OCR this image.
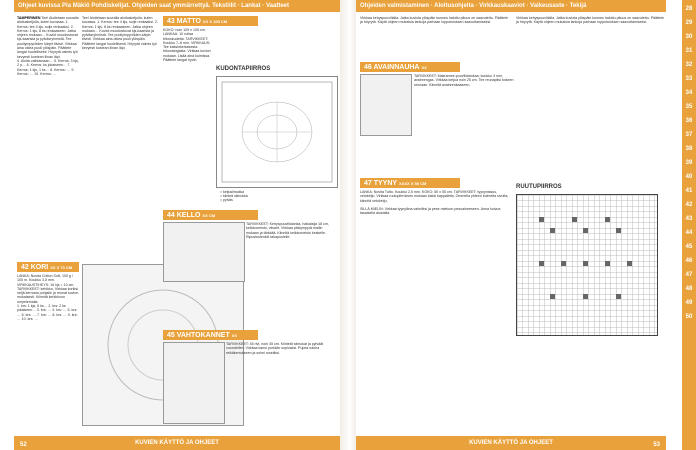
28
29
30
31
32
33
34
35
36
37
38
39
40
41
42
43
44
45
46
47
48
49
50
Ohjeet kuvissa Pia Mäkiö Pohdiskelijat. Ohjeiden saat ymmärrettyä. Tekstiilit · Lankat · Vaatteet
TAMPERINEN Tee! Aloitetaan suoralla aloitusketjulla, kuten kuvassa. 1. Kerros: tee 4 kjs, sulje renkaaksi. 2. Kerros: 1 kjs, 8 ks renkaaseen. Jatka ohjeen mukaan… Kuviot muodostuvat kjs-kaarista ja pylväsryhmistä. Tee puoliympyröiden kärjet tiivisti. Virkkaa aina oikea puoli ylöspäin. Päättele langat huolellisesti. Höyrytä valmis työ kevyesti kostean liinan läpi.
4. Aloita vaihtamaan… 5. Kerros: 3 kjs, 2 p… 6. Kerros: ks jokaiseen… 7. Kerros: 1 kjs, 1 ks… 8. Kerros: … 9. Kerros: … 10. Kerros: …
42 KORI
XX X 70 CM
LANKA: Novita Cotton Soft, 100 g / 105 m. Koukku 3,5 mm. VIRKKAUSTIHEYS: 16 kjs = 10 cm. TARVIKKEET: kehikko. Virkkaa koriksi neljä kerrosta pohjalle ja reunat kuvion mukaisesti. Kiinnitä kehikkoon ompelemalla.
1. krs: 1 kjs, 6 ks… 2. krs: 2 ks jokaiseen… 3. krs: … 4. krs: … 5. krs: … 6. krs: … 7. krs: … 8. krs: … 9. krs: … 10. krs: …
Tee! Aloitetaan suoralla aloitusketjulla, kuten kuvassa. 1. Kerros: tee 4 kjs, sulje renkaaksi. 2. Kerros: 1 kjs, 8 ks renkaaseen. Jatka ohjeen mukaan… Kuviot muodostuvat kjs-kaarista ja pylväsryhmistä. Tee puoliympyröiden kärjet tiivisti. Virkkaa aina oikea puoli ylöspäin. Päättele langat huolellisesti. Höyrytä valmis työ kevyesti kostean liinan läpi.
43 MATTO
XX X 105 CM
KOKO: noin 105 x 105 cm. LANKAA: 10 rullaa trikookudetta. TARVIKKEET: Koukku 7–8 mm. VIRKKAUS: Tee kaksinkertaisesta trikoolangasta. Virkkaa kuvion mukaan. Lisää aina kulmissa. Päättele langat hyvin.
KUDONTAPIIRROS
= ketjusilmukka
= kiinteä silmukka
= pylväs
44 KELLO
XX CM
TARVIKKEET: Kehyspuuvillalanka, halkaisija 18 cm, kellokoneisto, viisarit. Virkkaa pitsiympyrä mallin mukaan ja tärkkää. Kiinnitä kellokoneisto keskelle. Ripustuslenkki takapuolelle.
45 VAHTOKANNET
XX
TARVIKKEET: 45 rivi, noin 45 cm. Kiinteät silmukat ja pylväät vuorotellen. Virkkaa kansi purkkiin sopivaksi. Pujota nauha reikäkerrokseen ja solmi rusetiksi.
KUVIEN KÄYTTÖ JA OHJEET
52
Ohjeiden valmistaminen · Aloitusohjeita · Virkkauskaaviot · Vaikeusaste · Tekijä
Virkkaa kehyspuuvillalla. Jatka kuviota ylöspäin kunnes haluttu pituus on saavutettu. Päättele ja höyrytä. Käytä ohjeen mukaisia lankoja parhaan lopputuloksen saavuttamiseksi.
46 AVAINNAUHA
XX
TARVIKKEET: Makramee-puuvillalankaa, koukku 3 mm, avainrengas. Virkkaa ketjua noin 25 cm. Tee reunapitsi toiseen reunaan. Kiinnitä avainrenkaaseen.
Virkkaa kehyspuuvillalla. Jatka kuviota ylöspäin kunnes haluttu pituus on saavutettu. Päättele ja höyrytä. Käytä ohjeen mukaisia lankoja parhaan lopputuloksen saavuttamiseksi.
47 TYYNY
XXXX X 50 CM
RUUTUPIIRROS
LANKA: Novita Tuttu. Koukku 2,5 mm. KOKO: 50 x 50 cm. TARVIKKEET: tyynynsisus, vetoketju. Virkkaa ruutupiirroksen mukaan kaksi kappaletta. Ommella yhteen kolmelta sivulta, kiinnitä vetoketju.

SILLÄ MIELIN: Virkkaa tyynyliina valmiiksi ja pese mietoon pesuaineeseen. Anna kuivua tasaisella alustalla.
KUVIEN KÄYTTÖ JA OHJEET	53
